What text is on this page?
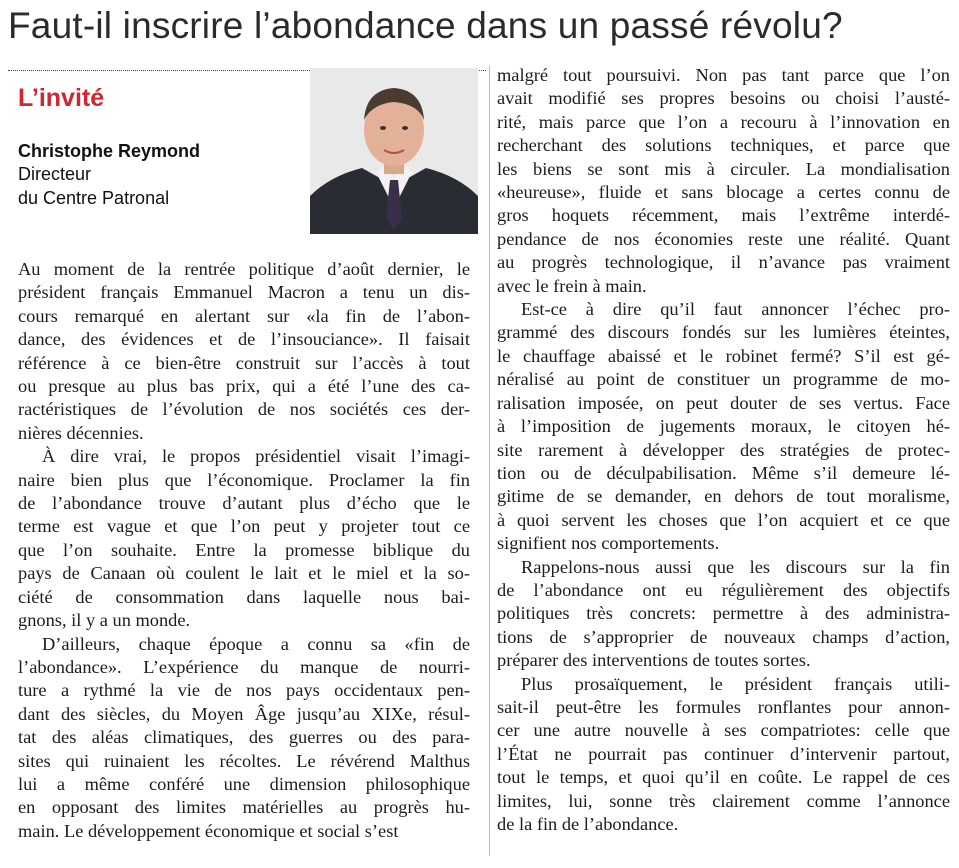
Faut-il inscrire l’abondance dans un passé révolu?
L’invité
Christophe Reymond
Directeur
du Centre Patronal

Au moment de la rentrée politique d’août dernier, le
président français Emmanuel Macron a tenu un dis-
cours remarqué en alertant sur «la fin de l’abon-
dance, des évidences et de l’insouciance». Il faisait
référence à ce bien-être construit sur l’accès à tout
ou presque au plus bas prix, qui a été l’une des ca-
ractéristiques de l’évolution de nos sociétés ces der-
nières décennies.

À dire vrai, le propos présidentiel visait l’imagi-
naire bien plus que l’économique. Proclamer la fin
de l’abondance trouve d’autant plus d’écho que le
terme est vague et que l’on peut y projeter tout ce
que l’on souhaite. Entre la promesse biblique du
pays de Canaan où coulent le lait et le miel et la so-
ciété de consommation dans laquelle nous bai-
gnons, il y a un monde.

D’ailleurs, chaque époque a connu sa «fin de
l’abondance». L’expérience du manque de nourri-
ture a rythmé la vie de nos pays occidentaux pen-
dant des siècles, du Moyen Âge jusqu’au XIXe, résul-
tat des aléas climatiques, des guerres ou des para-
sites qui ruinaient les récoltes. Le révérend Malthus
lui a même conféré une dimension philosophique
en opposant des limites matérielles au progrès hu-
main. Le développement économique et social s’est

malgré tout poursuivi. Non pas tant parce que l’on
avait modifié ses propres besoins ou choisi l’austé-
rité, mais parce que l’on a recouru à l’innovation en
recherchant des solutions techniques, et parce que
les biens se sont mis à circuler. La mondialisation
«heureuse», fluide et sans blocage a certes connu de
gros hoquets récemment, mais l’extrême interdé-
pendance de nos économies reste une réalité. Quant
au progrès technologique, il n’avance pas vraiment
avec le frein à main.

Est-ce à dire qu’il faut annoncer l’échec pro-
grammé des discours fondés sur les lumières éteintes,
le chauffage abaissé et le robinet fermé? S’il est gé-
néralisé au point de constituer un programme de mo-
ralisation imposée, on peut douter de ses vertus. Face
à l’imposition de jugements moraux, le citoyen hé-
site rarement à développer des stratégies de protec-
tion ou de déculpabilisation. Même s’il demeure lé-
gitime de se demander, en dehors de tout moralisme,
à quoi servent les choses que l’on acquiert et ce que
signifient nos comportements.

Rappelons-nous aussi que les discours sur la fin
de l’abondance ont eu régulièrement des objectifs
politiques très concrets: permettre à des administra-
tions de s’approprier de nouveaux champs d’action,
préparer des interventions de toutes sortes.

Plus prosaïquement, le président français utili-
sait-il peut-être les formules ronflantes pour annon-
cer une autre nouvelle à ses compatriotes: celle que
l’État ne pourrait pas continuer d’intervenir partout,
tout le temps, et quoi qu’il en coûte. Le rappel de ces
limites, lui, sonne très clairement comme l’annonce
de la fin de l’abondance.
